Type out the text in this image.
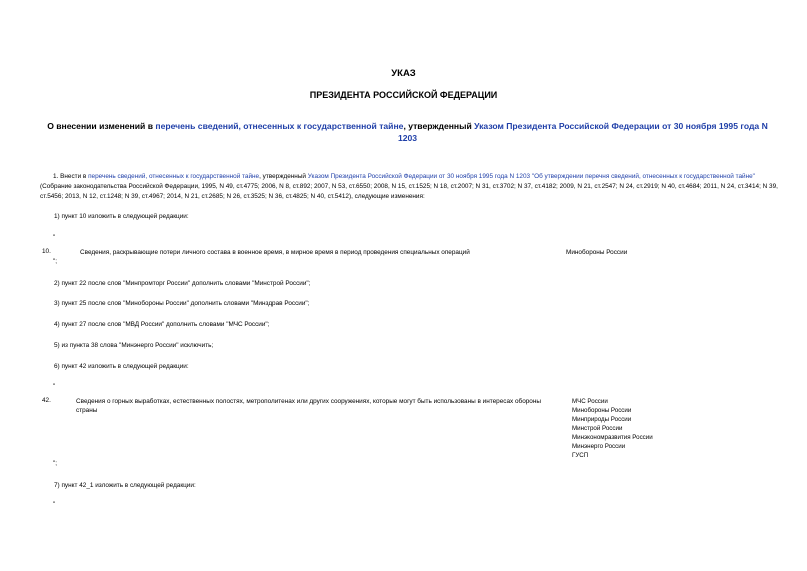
УКАЗ
ПРЕЗИДЕНТА РОССИЙСКОЙ ФЕДЕРАЦИИ
О внесении изменений в перечень сведений, отнесенных к государственной тайне, утвержденный Указом Президента Российской Федерации от 30 ноября 1995 года N 1203
1. Внести в перечень сведений, отнесенных к государственной тайне, утвержденный Указом Президента Российской Федерации от 30 ноября 1995 года N 1203 "Об утверждении перечня сведений, отнесенных к государственной тайне" (Собрание законодательства Российской Федерации, 1995, N 49, ст.4775; 2006, N 8, ст.892; 2007, N 53, ст.6550; 2008, N 15, ст.1525; N 18, ст.2007; N 31, ст.3702; N 37, ст.4182; 2009, N 21, ст.2547; N 24, ст.2919; N 40, ст.4684; 2011, N 24, ст.3414; N 39, ст.5456; 2013, N 12, ст.1248; N 39, ст.4967; 2014, N 21, ст.2685; N 26, ст.3525; N 36, ст.4825; N 40, ст.5412), следующие изменения:
1) пункт 10 изложить в следующей редакции:
"
10.	Сведения, раскрывающие потери личного состава в военное время, в мирное время в период проведения специальных операций	Минобороны России
";
2) пункт 22 после слов "Минпромторг России" дополнить словами "Минстрой России";
3) пункт 25 после слов "Минобороны России" дополнить словами "Минздрав России";
4) пункт 27 после слов "МВД России" дополнить словами "МЧС России";
5) из пункта 38 слова "Минэнерго России" исключить;
6) пункт 42 изложить в следующей редакции:
"
42.	Сведения о горных выработках, естественных полостях, метрополитенах или других сооружениях, которые могут быть использованы в интересах обороны страны
МЧС России
Минобороны России
Минприроды России
Минстрой России
Минэкономразвития России
Минэнерго России
ГУСП
";
7) пункт 42_1 изложить в следующей редакции:
"
